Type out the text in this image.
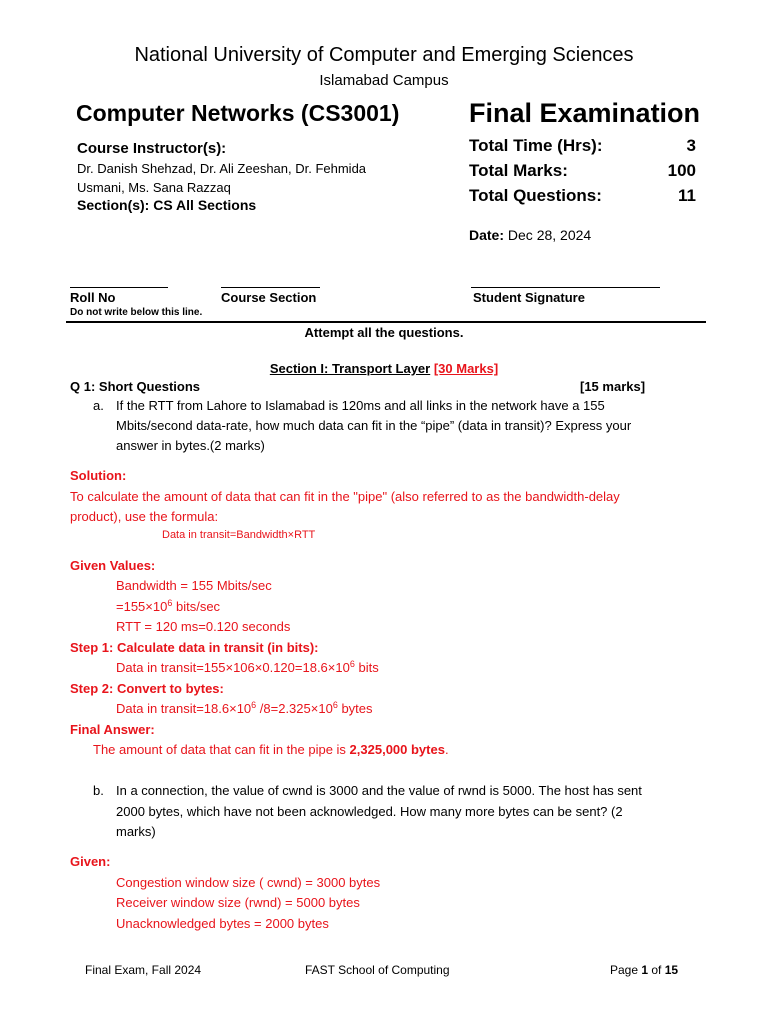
National University of Computer and Emerging Sciences
Islamabad Campus
Computer Networks (CS3001)	Final Examination
Course Instructor(s):
Dr. Danish Shehzad, Dr. Ali Zeeshan, Dr. Fehmida
Usmani, Ms. Sana Razzaq
Section(s): CS All Sections
Total Time (Hrs):	3
Total Marks:	100
Total Questions:	11
Date: Dec 28, 2024
Roll No	Course Section	Student Signature
Do not write below this line.
Attempt all the questions.
Section I: Transport Layer [30 Marks]
Q 1: Short Questions	[15 marks]
a. If the RTT from Lahore to Islamabad is 120ms and all links in the network have a 155
Mbits/second data-rate, how much data can fit in the “pipe” (data in transit)? Express your
answer in bytes.(2 marks)
Solution:
To calculate the amount of data that can fit in the "pipe" (also referred to as the bandwidth-delay
product), use the formula:
Data in transit=Bandwidth×RTT
Given Values:
Bandwidth = 155 Mbits/sec
$=155\times 10^6$ bits/sec
RTT = 120 ms=0.120 seconds
Step 1: Calculate data in transit (in bits):
Data in $transit=155\times 106\times 0.120=18.6\times 10^6$ bits
Step 2: Convert to bytes:
Data in $transit=18.6\times 10^6$ $/8=2.325\times 10^6$ bytes
Final Answer:
The amount of data that can fit in the pipe is 2,325,000 bytes.
b. In a connection, the value of cwnd is 3000 and the value of rwnd is 5000. The host has sent
2000 bytes, which have not been acknowledged. How many more bytes can be sent? (2
marks)
Given:
Congestion window size ( cwnd) = 3000 bytes
Receiver window size (rwnd) = 5000 bytes
Unacknowledged bytes = 2000 bytes
Final Exam, Fall 2024	FAST School of Computing	Page 1 of 15
